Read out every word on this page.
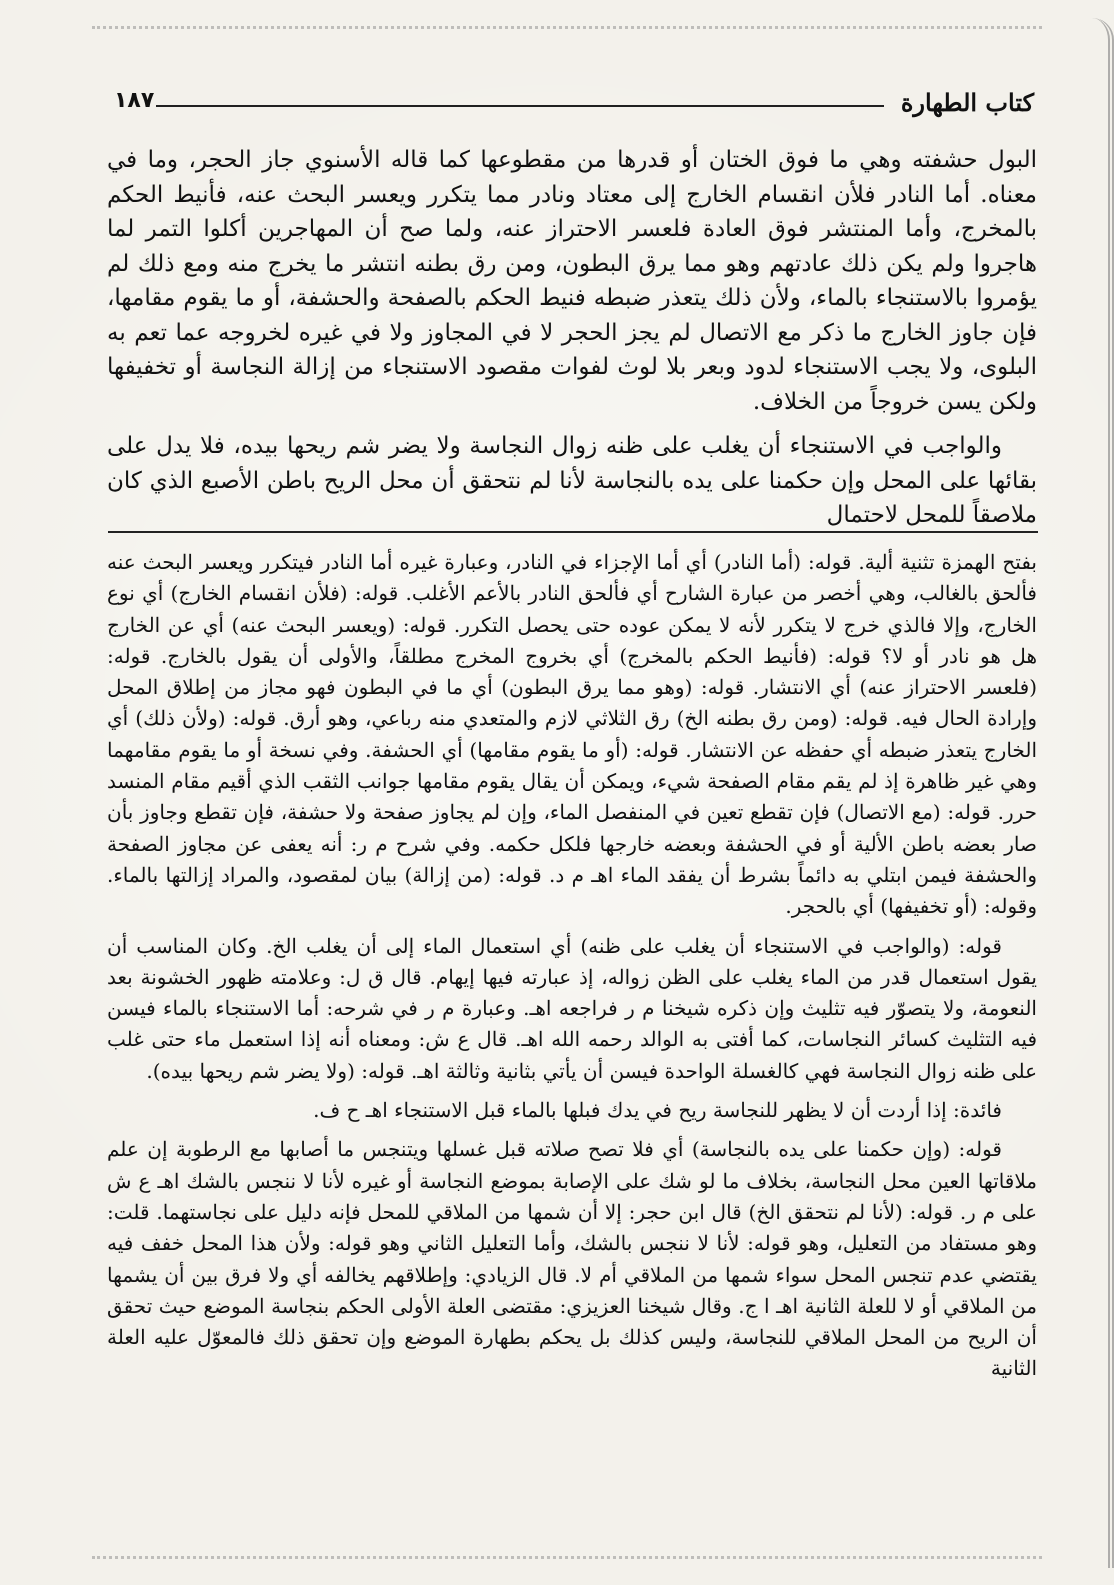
١٨٧	كتاب الطهارة

البول حشفته وهي ما فوق الختان أو قدرها من مقطوعها كما قاله الأسنوي جاز الحجر، وما في معناه. أما النادر فلأن انقسام الخارج إلى معتاد ونادر مما يتكرر ويعسر البحث عنه، فأنيط الحكم بالمخرج، وأما المنتشر فوق العادة فلعسر الاحتراز عنه، ولما صح أن المهاجرين أكلوا التمر لما هاجروا ولم يكن ذلك عادتهم وهو مما يرق البطون، ومن رق بطنه انتشر ما يخرج منه ومع ذلك لم يؤمروا بالاستنجاء بالماء، ولأن ذلك يتعذر ضبطه فنيط الحكم بالصفحة والحشفة، أو ما يقوم مقامها، فإن جاوز الخارج ما ذكر مع الاتصال لم يجز الحجر لا في المجاوز ولا في غيره لخروجه عما تعم به البلوى، ولا يجب الاستنجاء لدود وبعر بلا لوث لفوات مقصود الاستنجاء من إزالة النجاسة أو تخفيفها ولكن يسن خروجاً من الخلاف.

والواجب في الاستنجاء أن يغلب على ظنه زوال النجاسة ولا يضر شم ريحها بيده، فلا يدل على بقائها على المحل وإن حكمنا على يده بالنجاسة لأنا لم نتحقق أن محل الريح باطن الأصبع الذي كان ملاصقاً للمحل لاحتمال

بفتح الهمزة تثنية ألية. قوله: (أما النادر) أي أما الإجزاء في النادر، وعبارة غيره أما النادر فيتكرر ويعسر البحث عنه فألحق بالغالب، وهي أخصر من عبارة الشارح أي فألحق النادر بالأعم الأغلب. قوله: (فلأن انقسام الخارج) أي نوع الخارج، وإلا فالذي خرج لا يتكرر لأنه لا يمكن عوده حتى يحصل التكرر. قوله: (ويعسر البحث عنه) أي عن الخارج هل هو نادر أو لا؟ قوله: (فأنيط الحكم بالمخرج) أي بخروج المخرج مطلقاً، والأولى أن يقول بالخارج. قوله: (فلعسر الاحتراز عنه) أي الانتشار. قوله: (وهو مما يرق البطون) أي ما في البطون فهو مجاز من إطلاق المحل وإرادة الحال فيه. قوله: (ومن رق بطنه الخ) رق الثلاثي لازم والمتعدي منه رباعي، وهو أرق. قوله: (ولأن ذلك) أي الخارج يتعذر ضبطه أي حفظه عن الانتشار. قوله: (أو ما يقوم مقامها) أي الحشفة. وفي نسخة أو ما يقوم مقامهما وهي غير ظاهرة إذ لم يقم مقام الصفحة شيء، ويمكن أن يقال يقوم مقامها جوانب الثقب الذي أقيم مقام المنسد حرر. قوله: (مع الاتصال) فإن تقطع تعين في المنفصل الماء، وإن لم يجاوز صفحة ولا حشفة، فإن تقطع وجاوز بأن صار بعضه باطن الألية أو في الحشفة وبعضه خارجها فلكل حكمه. وفي شرح م ر: أنه يعفى عن مجاوز الصفحة والحشفة فيمن ابتلي به دائماً بشرط أن يفقد الماء اهـ م د. قوله: (من إزالة) بيان لمقصود، والمراد إزالتها بالماء. وقوله: (أو تخفيفها) أي بالحجر.

قوله: (والواجب في الاستنجاء أن يغلب على ظنه) أي استعمال الماء إلى أن يغلب الخ. وكان المناسب أن يقول استعمال قدر من الماء يغلب على الظن زواله، إذ عبارته فيها إيهام. قال ق ل: وعلامته ظهور الخشونة بعد النعومة، ولا يتصوّر فيه تثليث وإن ذكره شيخنا م ر فراجعه اهـ. وعبارة م ر في شرحه: أما الاستنجاء بالماء فيسن فيه التثليث كسائر النجاسات، كما أفتى به الوالد رحمه الله اهـ. قال ع ش: ومعناه أنه إذا استعمل ماء حتى غلب على ظنه زوال النجاسة فهي كالغسلة الواحدة فيسن أن يأتي بثانية وثالثة اهـ. قوله: (ولا يضر شم ريحها بيده).

فائدة: إذا أردت أن لا يظهر للنجاسة ريح في يدك فبلها بالماء قبل الاستنجاء اهـ ح ف.

قوله: (وإن حكمنا على يده بالنجاسة) أي فلا تصح صلاته قبل غسلها ويتنجس ما أصابها مع الرطوبة إن علم ملاقاتها العين محل النجاسة، بخلاف ما لو شك على الإصابة بموضع النجاسة أو غيره لأنا لا ننجس بالشك اهـ ع ش على م ر. قوله: (لأنا لم نتحقق الخ) قال ابن حجر: إلا أن شمها من الملاقي للمحل فإنه دليل على نجاستهما. قلت: وهو مستفاد من التعليل، وهو قوله: لأنا لا ننجس بالشك، وأما التعليل الثاني وهو قوله: ولأن هذا المحل خفف فيه يقتضي عدم تنجس المحل سواء شمها من الملاقي أم لا. قال الزيادي: وإطلاقهم يخالفه أي ولا فرق بين أن يشمها من الملاقي أو لا للعلة الثانية اهـ ا ج. وقال شيخنا العزيزي: مقتضى العلة الأولى الحكم بنجاسة الموضع حيث تحقق أن الريح من المحل الملاقي للنجاسة، وليس كذلك بل يحكم بطهارة الموضع وإن تحقق ذلك فالمعوّل عليه العلة الثانية
